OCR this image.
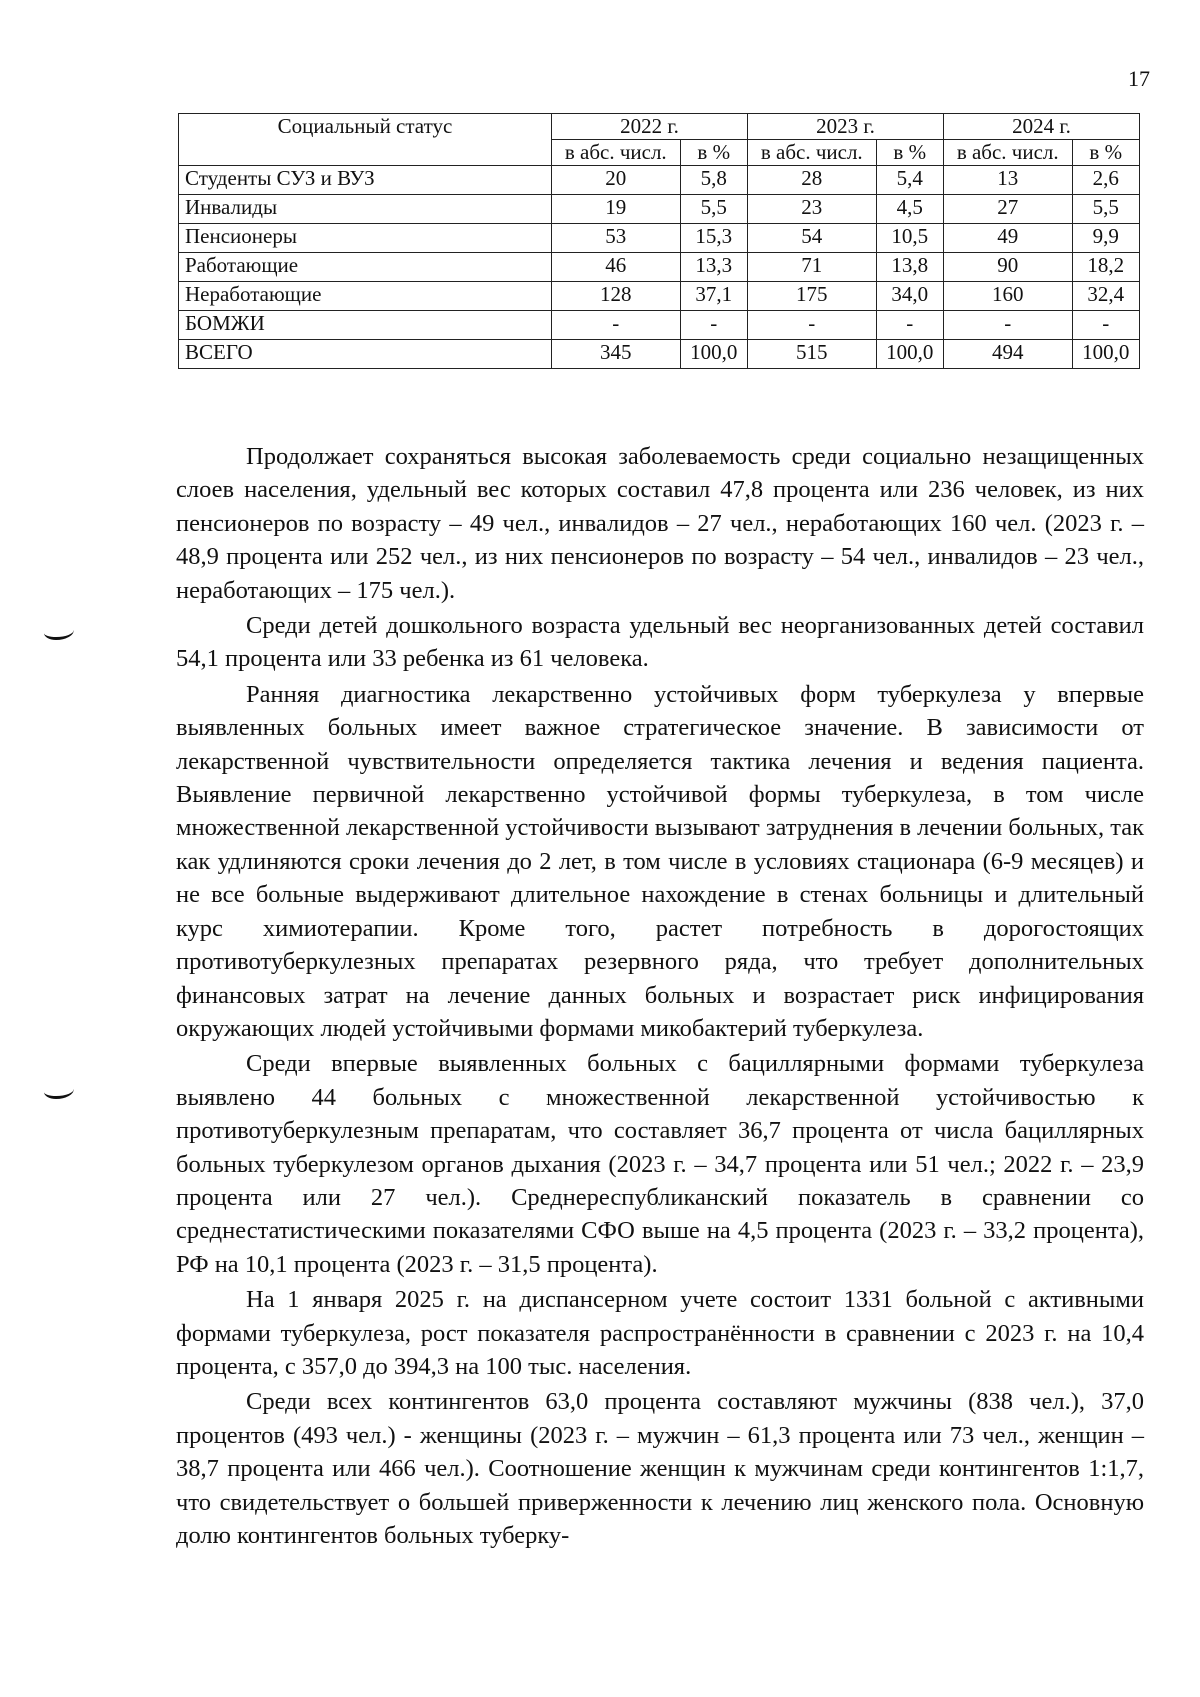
17
Социальный статус	2022 г.		2023 г.		2024 г.	
	в абс. числ.	в %	в абс. числ.	в %	в абс. числ.	в %
Студенты СУЗ и ВУЗ	20	5,8	28	5,4	13	2,6
Инвалиды	19	5,5	23	4,5	27	5,5
Пенсионеры	53	15,3	54	10,5	49	9,9
Работающие	46	13,3	71	13,8	90	18,2
Неработающие	128	37,1	175	34,0	160	32,4
БОМЖИ	-	-	-	-	-	-
ВСЕГО	345	100,0	515	100,0	494	100,0

Продолжает сохраняться высокая заболеваемость среди социально незащищенных слоев населения, удельный вес которых составил 47,8 процента или 236 человек, из них пенсионеров по возрасту – 49 чел., инвалидов – 27 чел., неработающих 160 чел. (2023 г. – 48,9 процента или 252 чел., из них пенсионеров по возрасту – 54 чел., инвалидов – 23 чел., неработающих – 175 чел.).

Среди детей дошкольного возраста удельный вес неорганизованных детей составил 54,1 процента или 33 ребенка из 61 человека.

Ранняя диагностика лекарственно устойчивых форм туберкулеза у впервые выявленных больных имеет важное стратегическое значение. В зависимости от лекарственной чувствительности определяется тактика лечения и ведения пациента. Выявление первичной лекарственно устойчивой формы туберкулеза, в том числе множественной лекарственной устойчивости вызывают затруднения в лечении больных, так как удлиняются сроки лечения до 2 лет, в том числе в условиях стационара (6-9 месяцев) и не все больные выдерживают длительное нахождение в стенах больницы и длительный курс химиотерапии. Кроме того, растет потребность в дорогостоящих противотуберкулезных препаратах резервного ряда, что требует дополнительных финансовых затрат на лечение данных больных и возрастает риск инфицирования окружающих людей устойчивыми формами микобактерий туберкулеза.

Среди впервые выявленных больных с бациллярными формами туберкулеза выявлено 44 больных с множественной лекарственной устойчивостью к противотуберкулезным препаратам, что составляет 36,7 процента от числа бациллярных больных туберкулезом органов дыхания (2023 г. – 34,7 процента или 51 чел.; 2022 г. – 23,9 процента или 27 чел.). Среднереспубликанский показатель в сравнении со среднестатистическими показателями СФО выше на 4,5 процента (2023 г. – 33,2 процента), РФ на 10,1 процента (2023 г. – 31,5 процента).

На 1 января 2025 г. на диспансерном учете состоит 1331 больной с активными формами туберкулеза, рост показателя распространённости в сравнении с 2023 г. на 10,4 процента, с 357,0 до 394,3 на 100 тыс. населения.

Среди всех контингентов 63,0 процента составляют мужчины (838 чел.), 37,0 процентов (493 чел.) - женщины (2023 г. – мужчин – 61,3 процента или 73 чел., женщин – 38,7 процента или 466 чел.). Соотношение женщин к мужчинам среди контингентов 1:1,7, что свидетельствует о большей приверженности к лечению лиц женского пола. Основную долю контингентов больных туберку-
